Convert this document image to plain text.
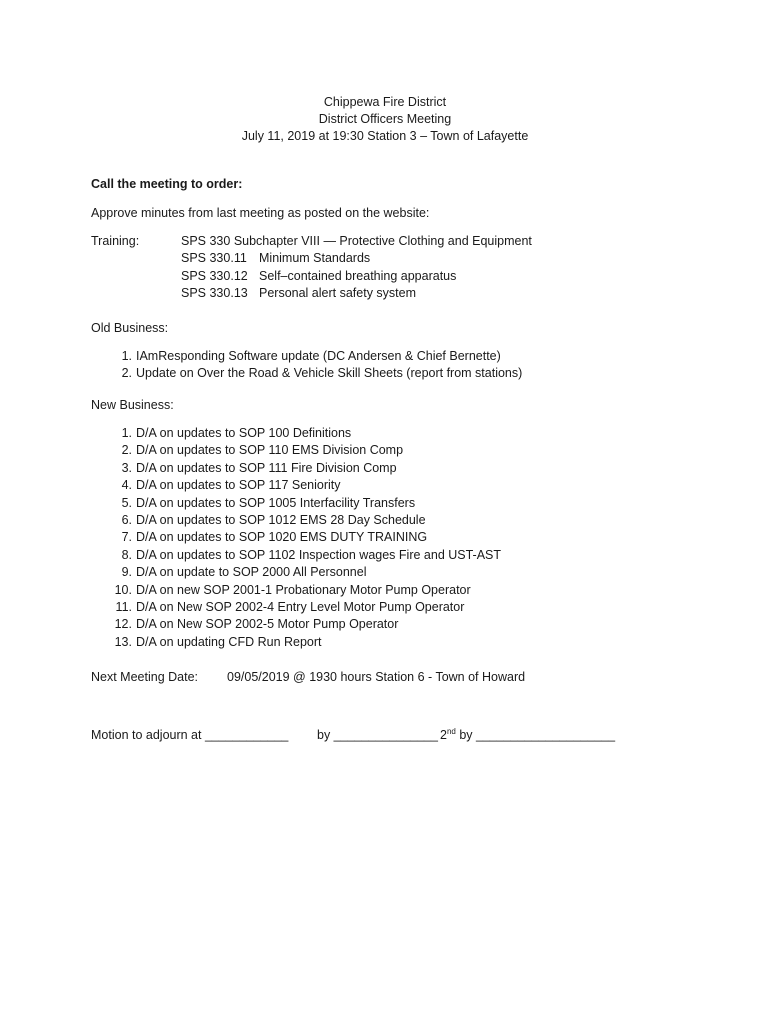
Chippewa Fire District
District Officers Meeting
July 11, 2019 at 19:30 Station 3 – Town of Lafayette
Call the meeting to order:
Approve minutes from last meeting as posted on the website:
Training:	SPS 330 Subchapter VIII — Protective Clothing and Equipment
SPS 330.11 Minimum Standards
SPS 330.12 Self–contained breathing apparatus
SPS 330.13 Personal alert safety system
Old Business:
1. IAmResponding Software update (DC Andersen & Chief Bernette)
2. Update on Over the Road & Vehicle Skill Sheets (report from stations)
New Business:
1. D/A on updates to SOP 100 Definitions
2. D/A on updates to SOP 110 EMS Division Comp
3. D/A on updates to SOP 111 Fire Division Comp
4. D/A on updates to SOP 117 Seniority
5. D/A on updates to SOP 1005 Interfacility Transfers
6. D/A on updates to SOP 1012 EMS 28 Day Schedule
7. D/A on updates to SOP 1020 EMS DUTY TRAINING
8. D/A on updates to SOP 1102 Inspection wages Fire and UST-AST
9. D/A on update to SOP 2000 All Personnel
10. D/A on new SOP 2001-1 Probationary Motor Pump Operator
11. D/A on New SOP 2002-4 Entry Level Motor Pump Operator
12. D/A on New SOP 2002-5 Motor Pump Operator
13. D/A on updating CFD Run Report
Next Meeting Date: 09/05/2019 @ 1930 hours Station 6 - Town of Howard
Motion to adjourn at ____________ by _______________ 2nd by ____________________
